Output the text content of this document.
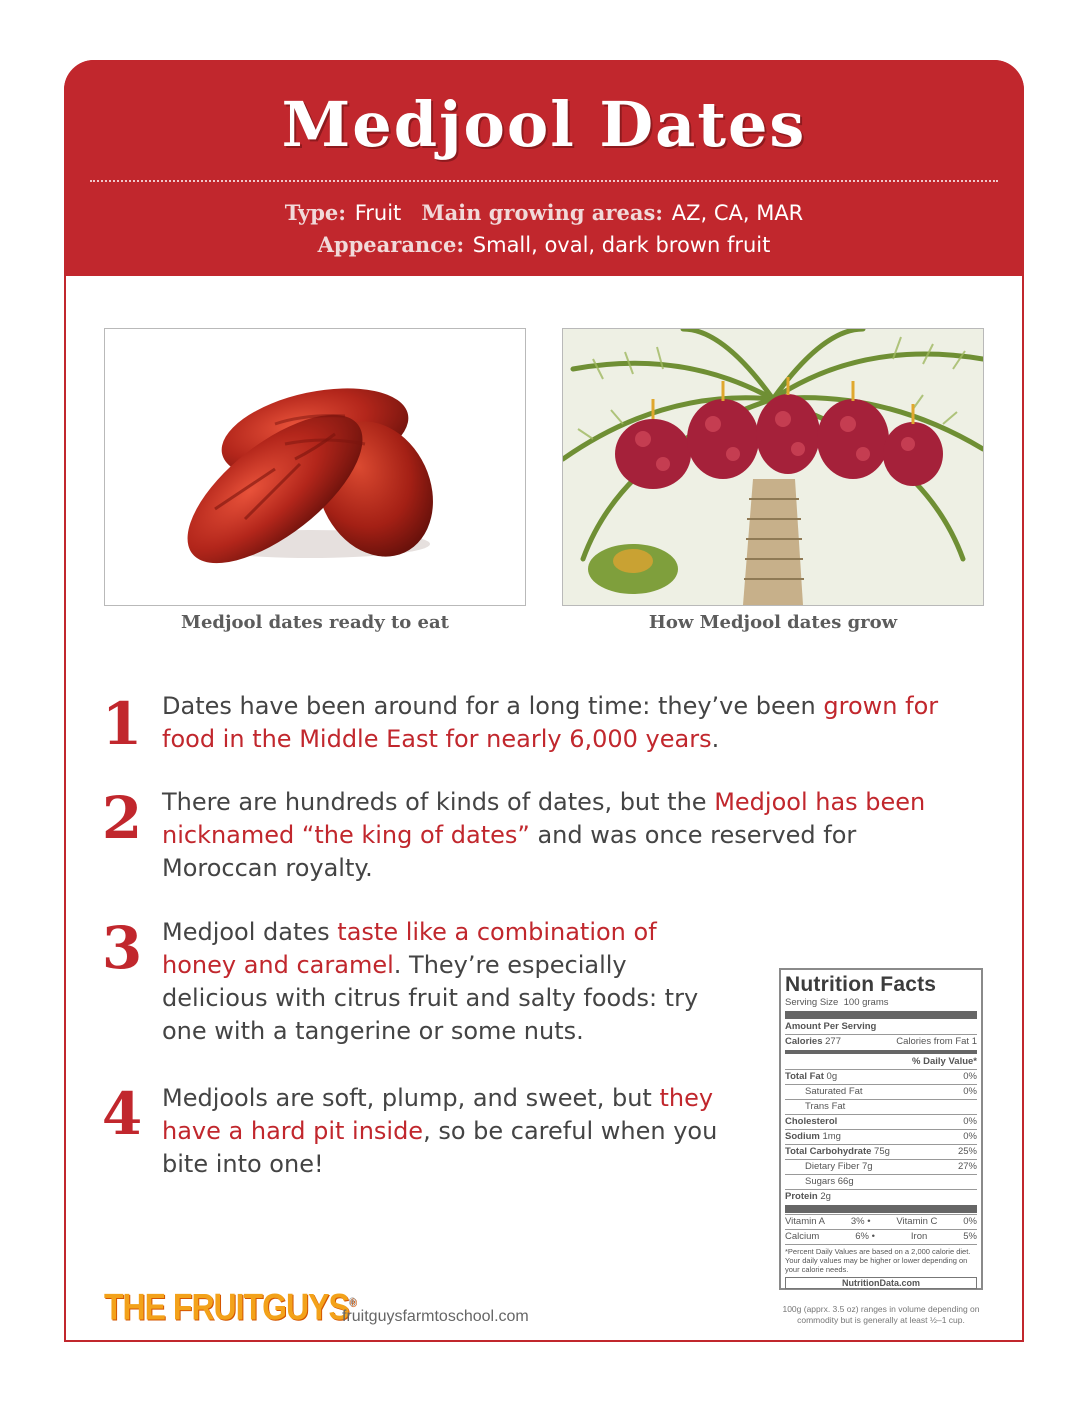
Medjool Dates
Type: Fruit Main growing areas: AZ, CA, MAR
Appearance: Small, oval, dark brown fruit
Medjool dates ready to eat	How Medjool dates grow
1 Dates have been around for a long time: they’ve been grown for food in the Middle East for nearly 6,000 years.
2 There are hundreds of kinds of dates, but the Medjool has been nicknamed “the king of dates” and was once reserved for Moroccan royalty.
3 Medjool dates taste like a combination of honey and caramel. They’re especially delicious with citrus fruit and salty foods: try one with a tangerine or some nuts.
4 Medjools are soft, plump, and sweet, but they have a hard pit inside, so be careful when you bite into one!
Nutrition Facts
Serving Size 100 grams
Amount Per Serving
Calories 277	Calories from Fat 1
% Daily Value*
Total Fat 0g	0%
Saturated Fat	0%
Trans Fat
Cholesterol	0%
Sodium 1mg	0%
Total Carbohydrate 75g	25%
Dietary Fiber 7g	27%
Sugars 66g
Protein 2g
Vitamin A	3% •	Vitamin C	0%
Calcium	6% •	Iron	5%
*Percent Daily Values are based on a 2,000 calorie diet. Your daily values may be higher or lower depending on your calorie needs.
NutritionData.com
100g (apprx. 3.5 oz) ranges in volume depending on commodity but is generally at least ½–1 cup.
THE FRUITGUYS®
fruitguysfarmtoschool.com
